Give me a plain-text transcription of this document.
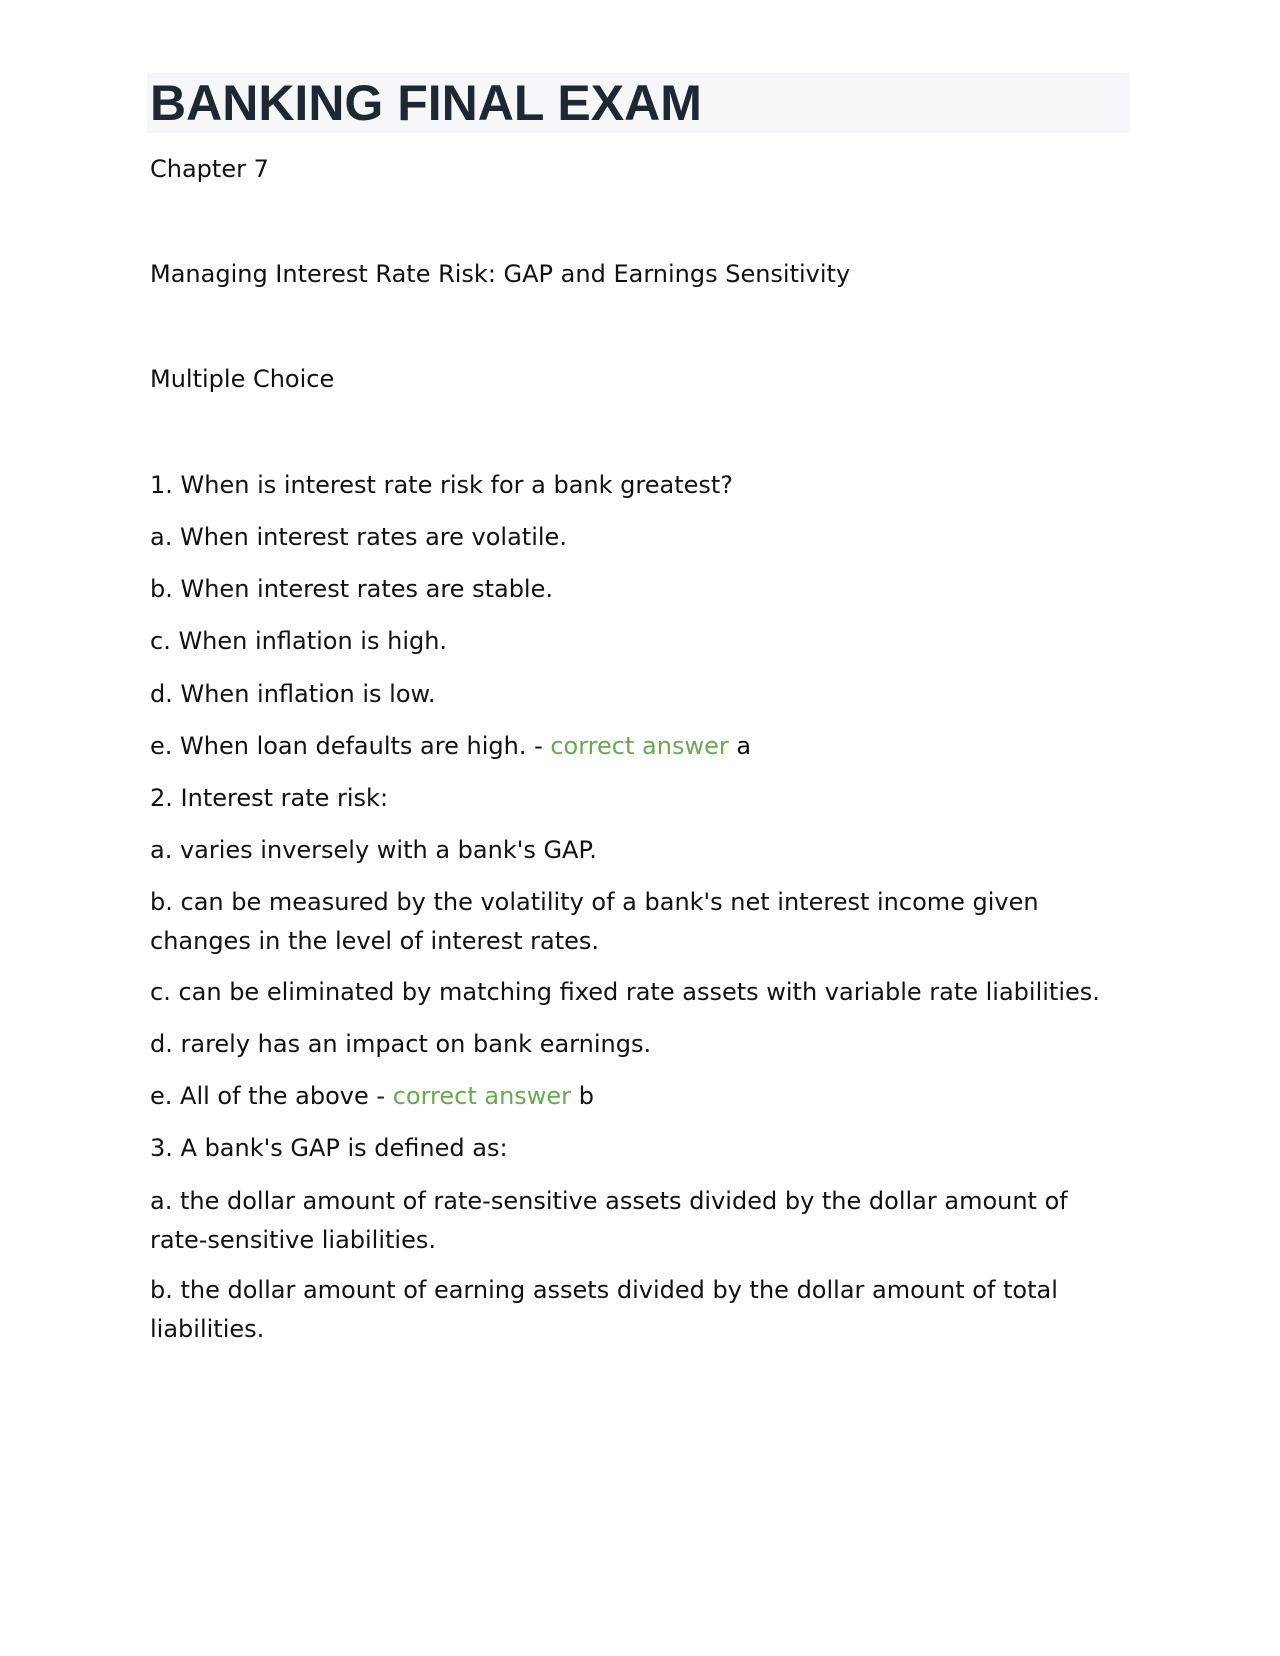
BANKING FINAL EXAM

Chapter 7

Managing Interest Rate Risk: GAP and Earnings Sensitivity

Multiple Choice

1. When is interest rate risk for a bank greatest?

a. When interest rates are volatile.

b. When interest rates are stable.

c. When inflation is high.

d. When inflation is low.

e. When loan defaults are high. - correct answer a

2. Interest rate risk:

a. varies inversely with a bank's GAP.

b. can be measured by the volatility of a bank's net interest income given changes in the level of interest rates.

c. can be eliminated by matching fixed rate assets with variable rate liabilities.

d. rarely has an impact on bank earnings.

e. All of the above - correct answer b

3. A bank's GAP is defined as:

a. the dollar amount of rate-sensitive assets divided by the dollar amount of rate-sensitive liabilities.

b. the dollar amount of earning assets divided by the dollar amount of total liabilities.
